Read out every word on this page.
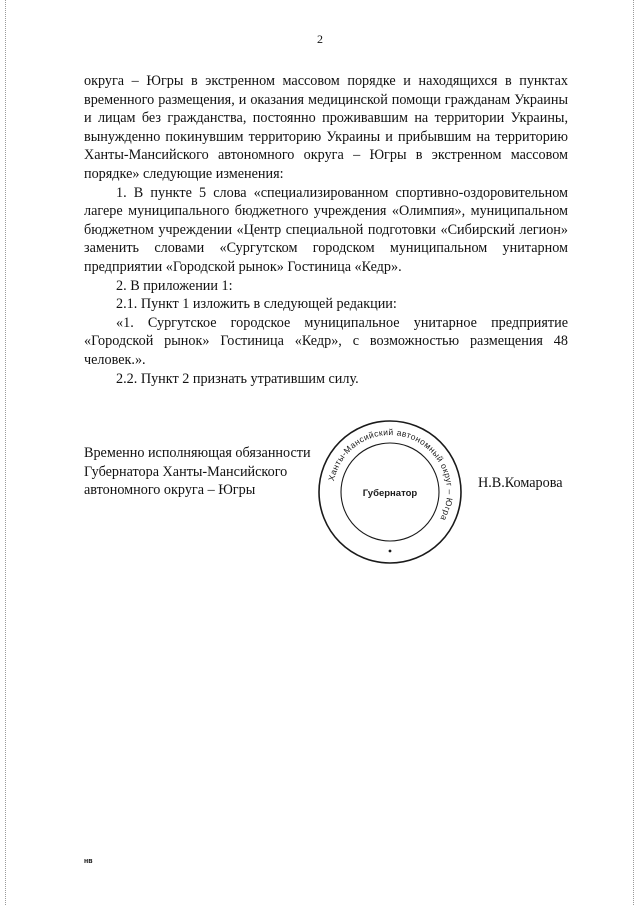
2

округа – Югры в экстренном массовом порядке и находящихся в пунктах временного размещения, и оказания медицинской помощи гражданам Украины и лицам без гражданства, постоянно проживавшим на территории Украины, вынужденно покинувшим территорию Украины и прибывшим на территорию Ханты-Мансийского автономного округа – Югры в экстренном массовом порядке» следующие изменения:

1. В пункте 5 слова «специализированном спортивно-оздоровительном лагере муниципального бюджетного учреждения «Олимпия», муниципальном бюджетном учреждении «Центр специальной подготовки «Сибирский легион» заменить словами «Сургутском городском муниципальном унитарном предприятии «Городской рынок» Гостиница «Кедр».

2. В приложении 1:

2.1. Пункт 1 изложить в следующей редакции:

«1. Сургутское городское муниципальное унитарное предприятие «Городской рынок» Гостиница «Кедр», с возможностью размещения 48 человек.».

2.2. Пункт 2 признать утратившим силу.

Временно исполняющая обязанности
Губернатора Ханты-Мансийского
автономного округа – Югры
Ханты-Мансийский автономный округ – Югра
Губернатор
Н.В.Комарова
нв
